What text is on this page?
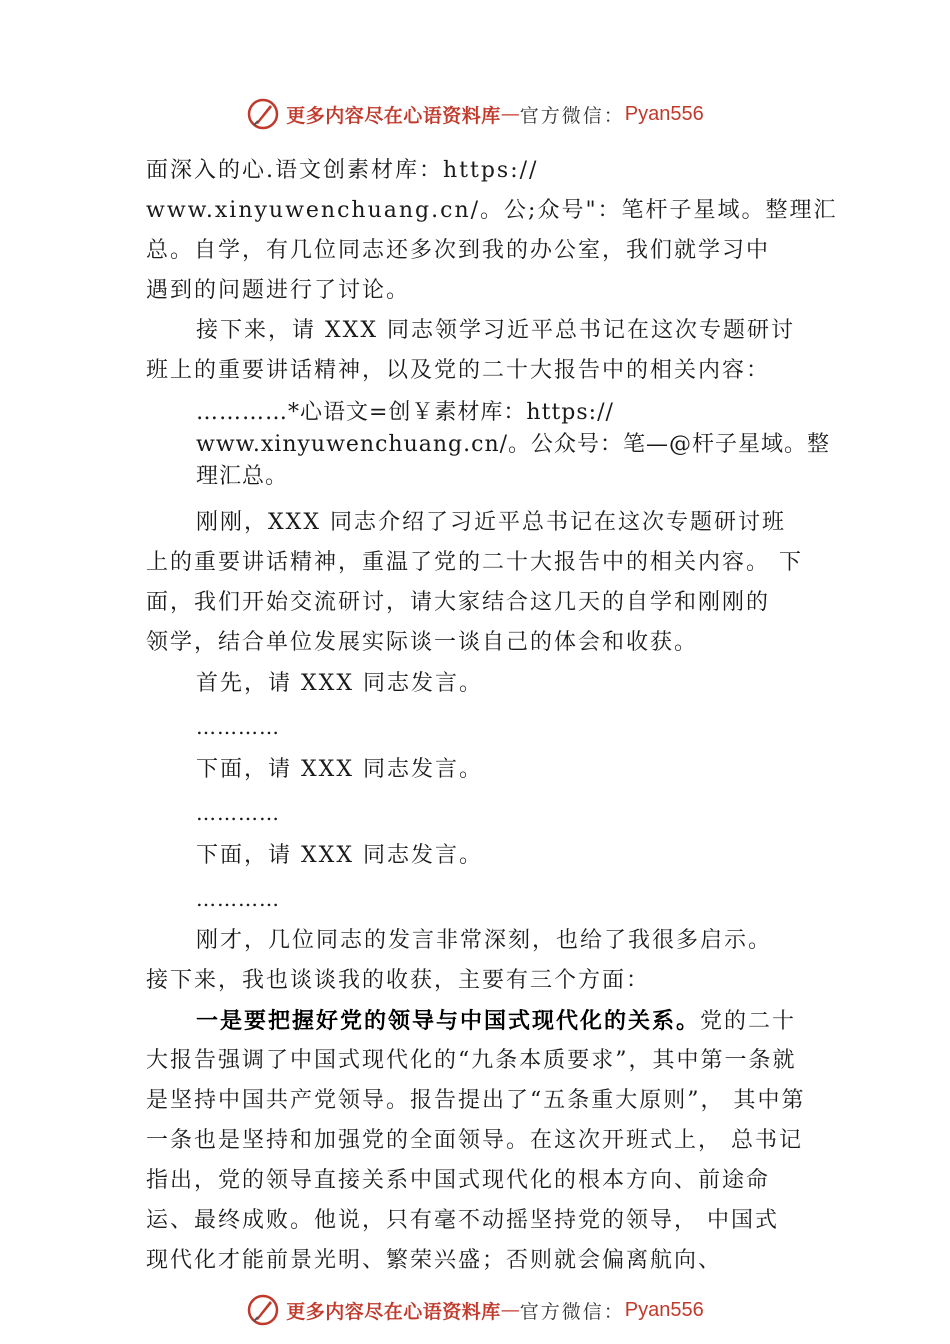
更多内容尽在心语资料库 — 官方微信： Pyan556
面深入的心.语文创素材库：https://
www.xinyuwenchuang.cn/。公;众号"：笔杆子星域。整理汇
总。自学，有几位同志还多次到我的办公室，我们就学习中
遇到的问题进行了讨论。
接下来，请 XXX 同志领学习近平总书记在这次专题研讨
班上的重要讲话精神，以及党的二十大报告中的相关内容：
…………*心语文=创￥素材库：https://
www.xinyuwenchuang.cn/。公众号：笔—@杆子星域。整
理汇总。
刚刚，XXX 同志介绍了习近平总书记在这次专题研讨班
上的重要讲话精神，重温了党的二十大报告中的相关内容。 下
面，我们开始交流研讨，请大家结合这几天的自学和刚刚的
领学，结合单位发展实际谈一谈自己的体会和收获。
首先，请 XXX 同志发言。
…………
下面，请 XXX 同志发言。
…………
下面，请 XXX 同志发言。
…………
刚才，几位同志的发言非常深刻，也给了我很多启示。
接下来，我也谈谈我的收获，主要有三个方面：
一是要把握好党的领导与中国式现代化的关系。党的二十
大报告强调了中国式现代化的“九条本质要求”，其中第一条就
是坚持中国共产党领导。报告提出了“五条重大原则”， 其中第
一条也是坚持和加强党的全面领导。在这次开班式上， 总书记
指出，党的领导直接关系中国式现代化的根本方向、前途命
运、最终成败。他说，只有毫不动摇坚持党的领导， 中国式
现代化才能前景光明、繁荣兴盛；否则就会偏离航向、
更多内容尽在心语资料库 — 官方微信： Pyan556
